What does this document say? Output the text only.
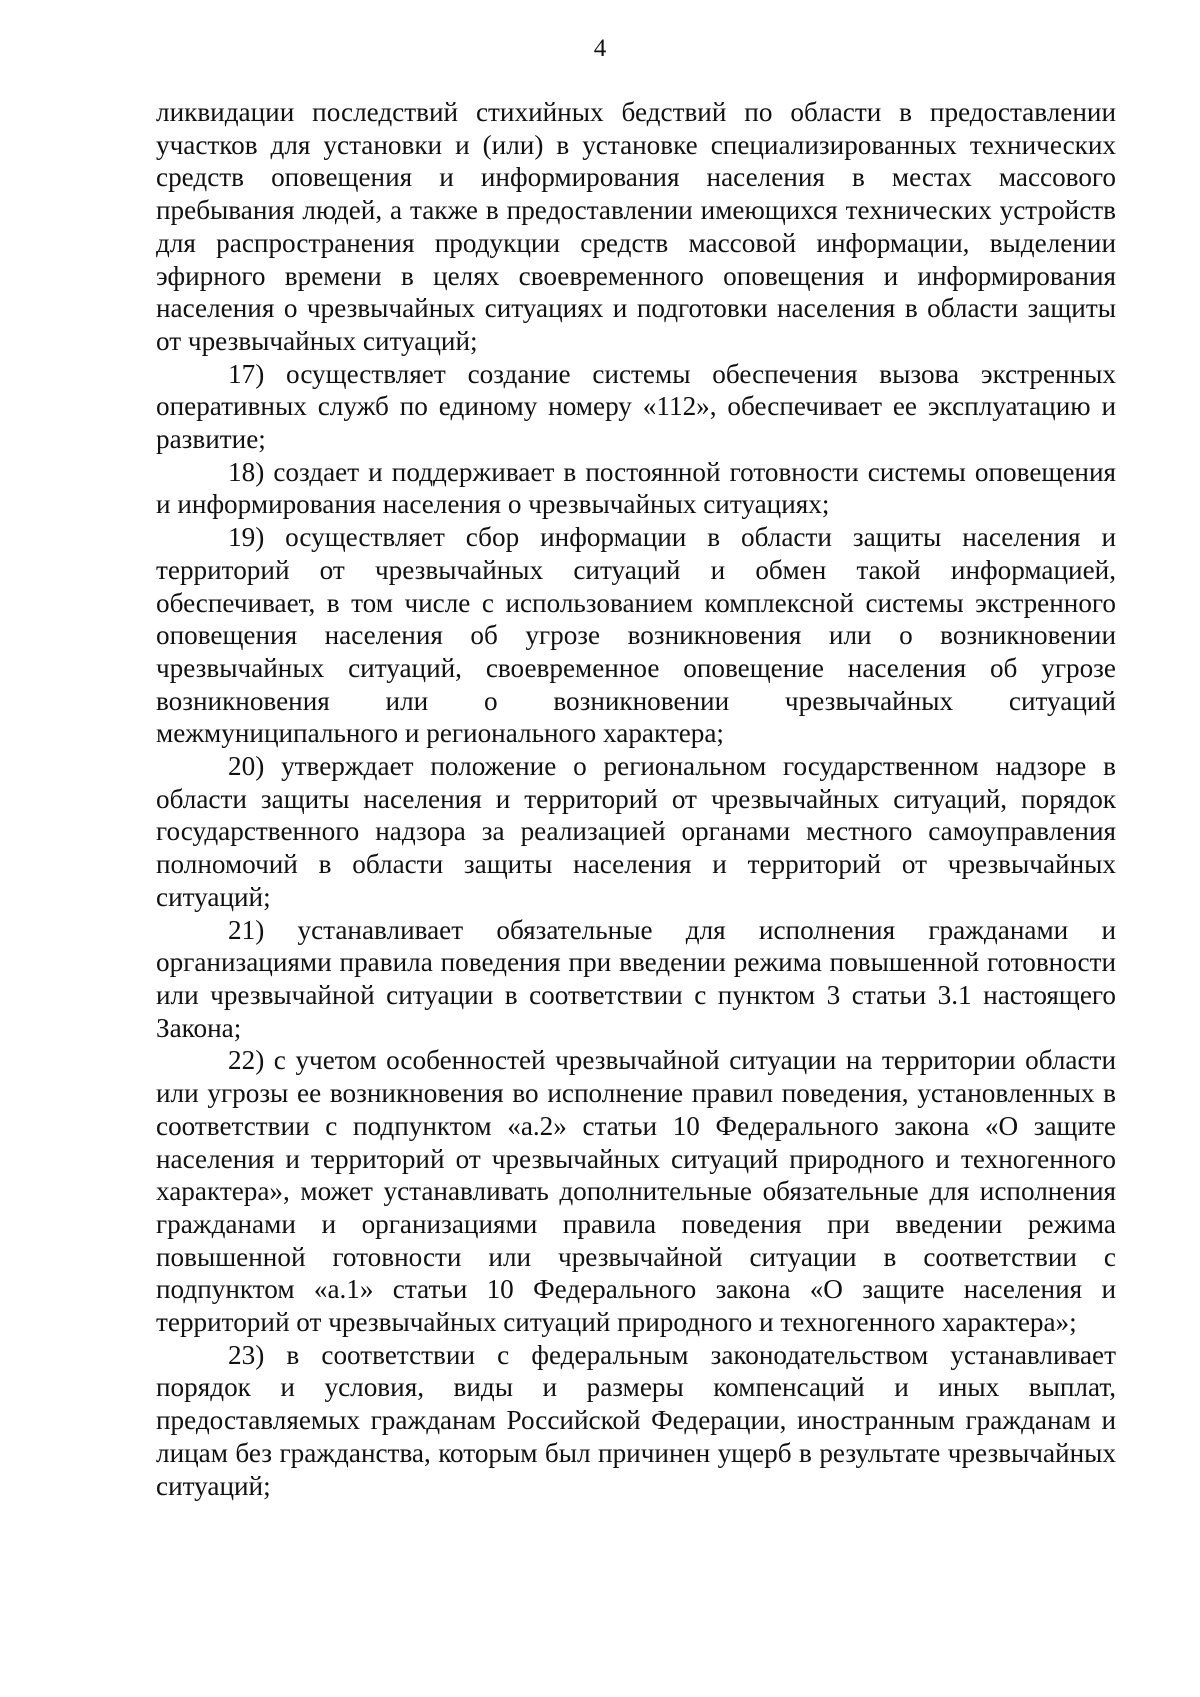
4

ликвидации последствий стихийных бедствий по области в предоставлении участков для установки и (или) в установке специализированных технических средств оповещения и информирования населения в местах массового пребывания людей, а также в предоставлении имеющихся технических устройств для распространения продукции средств массовой информации, выделении эфирного времени в целях своевременного оповещения и информирования населения о чрезвычайных ситуациях и подготовки населения в области защиты от чрезвычайных ситуаций;

17) осуществляет создание системы обеспечения вызова экстренных оперативных служб по единому номеру «112», обеспечивает ее эксплуатацию и развитие;

18) создает и поддерживает в постоянной готовности системы оповещения и информирования населения о чрезвычайных ситуациях;

19) осуществляет сбор информации в области защиты населения и территорий от чрезвычайных ситуаций и обмен такой информацией, обеспечивает, в том числе с использованием комплексной системы экстренного оповещения населения об угрозе возникновения или о возникновении чрезвычайных ситуаций, своевременное оповещение населения об угрозе возникновения или о возникновении чрезвычайных ситуаций межмуниципального и регионального характера;

20) утверждает положение о региональном государственном надзоре в области защиты населения и территорий от чрезвычайных ситуаций, порядок государственного надзора за реализацией органами местного самоуправления полномочий в области защиты населения и территорий от чрезвычайных ситуаций;

21) устанавливает обязательные для исполнения гражданами и организациями правила поведения при введении режима повышенной готовности или чрезвычайной ситуации в соответствии с пунктом 3 статьи 3.1 настоящего Закона;

22) с учетом особенностей чрезвычайной ситуации на территории области или угрозы ее возникновения во исполнение правил поведения, установленных в соответствии с подпунктом «а.2» статьи 10 Федерального закона «О защите населения и территорий от чрезвычайных ситуаций природного и техногенного характера», может устанавливать дополнительные обязательные для исполнения гражданами и организациями правила поведения при введении режима повышенной готовности или чрезвычайной ситуации в соответствии с подпунктом «а.1» статьи 10 Федерального закона «О защите населения и территорий от чрезвычайных ситуаций природного и техногенного характера»;

23) в соответствии с федеральным законодательством устанавливает порядок и условия, виды и размеры компенсаций и иных выплат, предоставляемых гражданам Российской Федерации, иностранным гражданам и лицам без гражданства, которым был причинен ущерб в результате чрезвычайных ситуаций;
